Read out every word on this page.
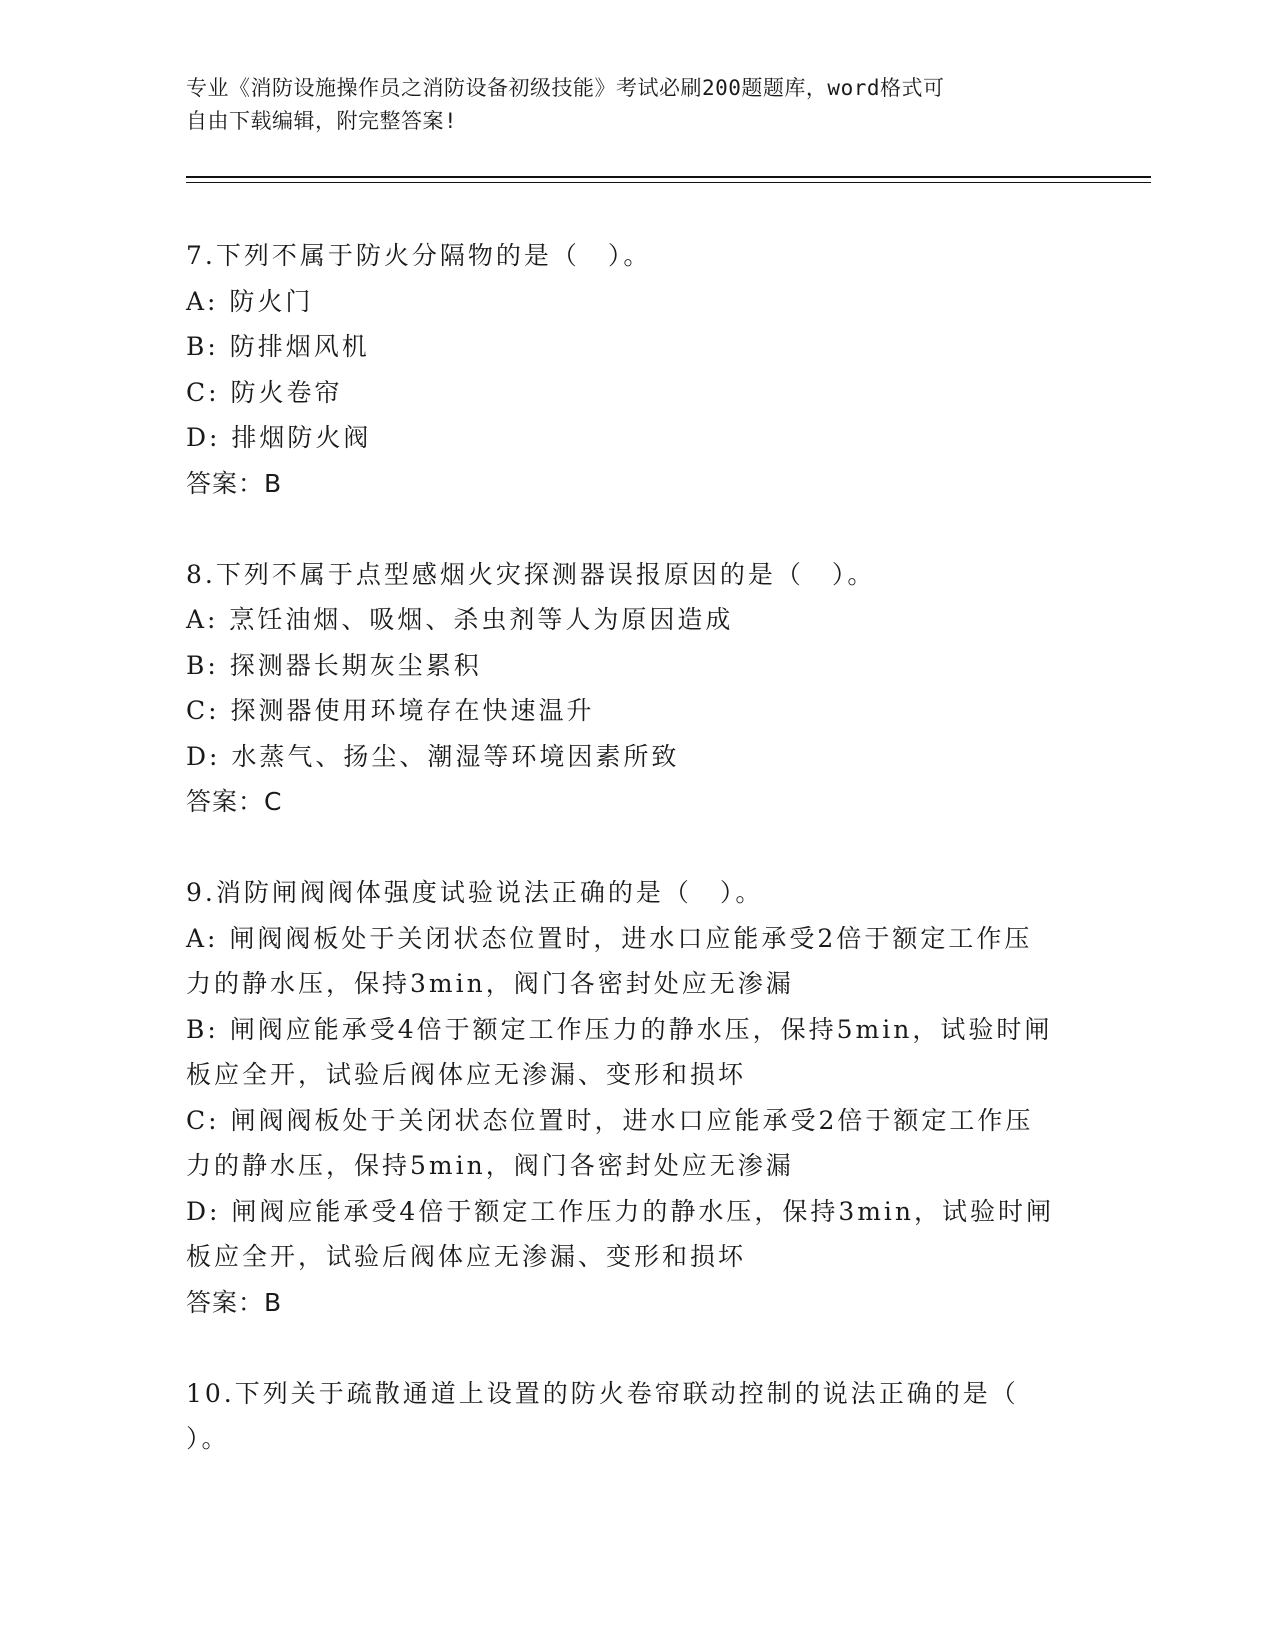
专业《消防设施操作员之消防设备初级技能》考试必刷200题题库，word格式可
自由下载编辑，附完整答案!
7.下列不属于防火分隔物的是（　）。
A: 防火门
B: 防排烟风机
C: 防火卷帘
D: 排烟防火阀
答案：B
8.下列不属于点型感烟火灾探测器误报原因的是（　）。
A: 烹饪油烟、吸烟、杀虫剂等人为原因造成
B: 探测器长期灰尘累积
C: 探测器使用环境存在快速温升
D: 水蒸气、扬尘、潮湿等环境因素所致
答案：C
9.消防闸阀阀体强度试验说法正确的是（　）。
A: 闸阀阀板处于关闭状态位置时，进水口应能承受2倍于额定工作压
力的静水压，保持3min，阀门各密封处应无渗漏
B: 闸阀应能承受4倍于额定工作压力的静水压，保持5min，试验时闸
板应全开，试验后阀体应无渗漏、变形和损坏
C: 闸阀阀板处于关闭状态位置时，进水口应能承受2倍于额定工作压
力的静水压，保持5min，阀门各密封处应无渗漏
D: 闸阀应能承受4倍于额定工作压力的静水压，保持3min，试验时闸
板应全开，试验后阀体应无渗漏、变形和损坏
答案：B
10.下列关于疏散通道上设置的防火卷帘联动控制的说法正确的是（
）。
